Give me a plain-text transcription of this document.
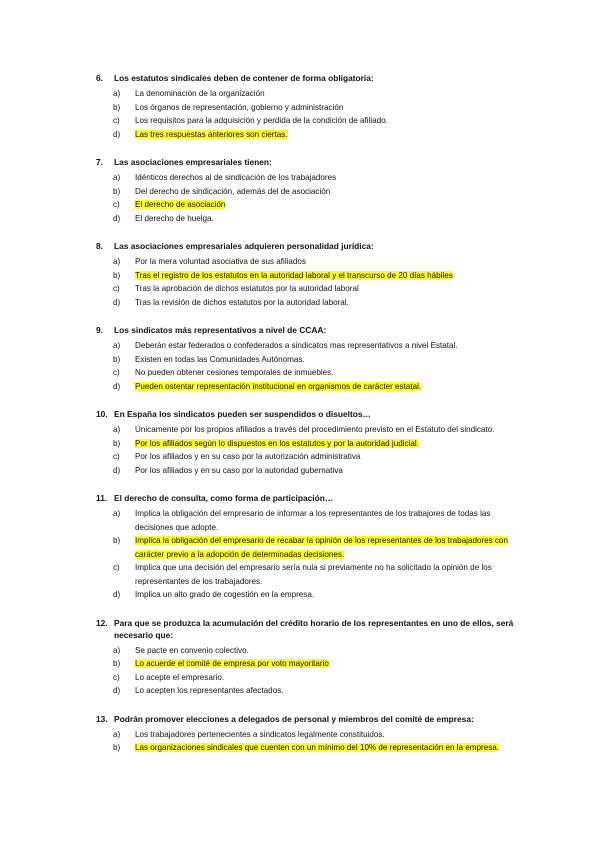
6.	Los estatutos sindicales deben de contener de forma obligatoria:
a)	La denominación de la organización
b)	Los órganos de representación, gobierno y administración
c)	Los requisitos para la adquisición y perdida de la condición de afiliado.
d)	Las tres respuestas anteriores son ciertas.
7.	Las asociaciones empresariales tienen:
a)	Idénticos derechos al de sindicación de los trabajadores
b)	Del derecho de sindicación, además del de asociación
c)	El derecho de asociación
d)	El derecho de huelga.
8.	Las asociaciones empresariales adquieren personalidad jurídica:
a)	Por la mera voluntad asociativa de sus afiliados
b)	Tras el registro de los estatutos en la autoridad laboral y el transcurso de 20 días hábiles
c)	Tras la aprobación de dichos estatutos por la autoridad laboral
d)	Tras la revisión de dichos estatutos por la autoridad laboral.
9.	Los sindicatos más representativos a nivel de CCAA:
a)	Deberán estar federados o confederados a sindicatos mas representativos a nivel Estatal.
b)	Existen en todas las Comunidades Autónomas.
c)	No pueden obtener cesiones temporales de inmuebles.
d)	Pueden ostentar representación institucional en organismos de carácter estatal.
10. En España los sindicatos pueden ser suspendidos o disueltos…
a)	Únicamente por los propios afiliados a través del procedimiento previsto en el Estatuto del sindicato.
b)	Por los afiliados según lo dispuestos en los estatutos y por la autoridad judicial.
c)	Por los afiliados y en su caso por la autorización administrativa
d)	Por los afiliados y en su caso por la autoridad gubernativa
11. El derecho de consulta, como forma de participación…
a)	Implica la obligación del empresario de informar a los representantes de los trabajores de todas las decisiones que adopte.
b)	Implica la obligación del empresario de recabar la opinión de los representantes de los trabajadores con carácter previo a la adopción de determinadas decisiones.
c)	Implica que una decisión del empresario sería nula si previamente no ha solicitado la opinión de los representantes de los trabajadores.
d)	Implica un alto grado de cogestión en la empresa.
12. Para que se produzca la acumulación del crédito horario de los representantes en uno de ellos, será necesario que:
a)	Se pacte en convenio colectivo.
b)	Lo acuerde el comité de empresa por voto mayoritario
c)	Lo acepte el empresario.
d)	Lo acepten los representantes afectados.
13. Podrán promover elecciones a delegados de personal y miembros del comité de empresa:
a)	Los trabajadores pertenecientes a sindicatos legalmente constituidos.
b)	Las organizaciones sindicales que cuenten con un mínimo del 10% de representación en la empresa.
